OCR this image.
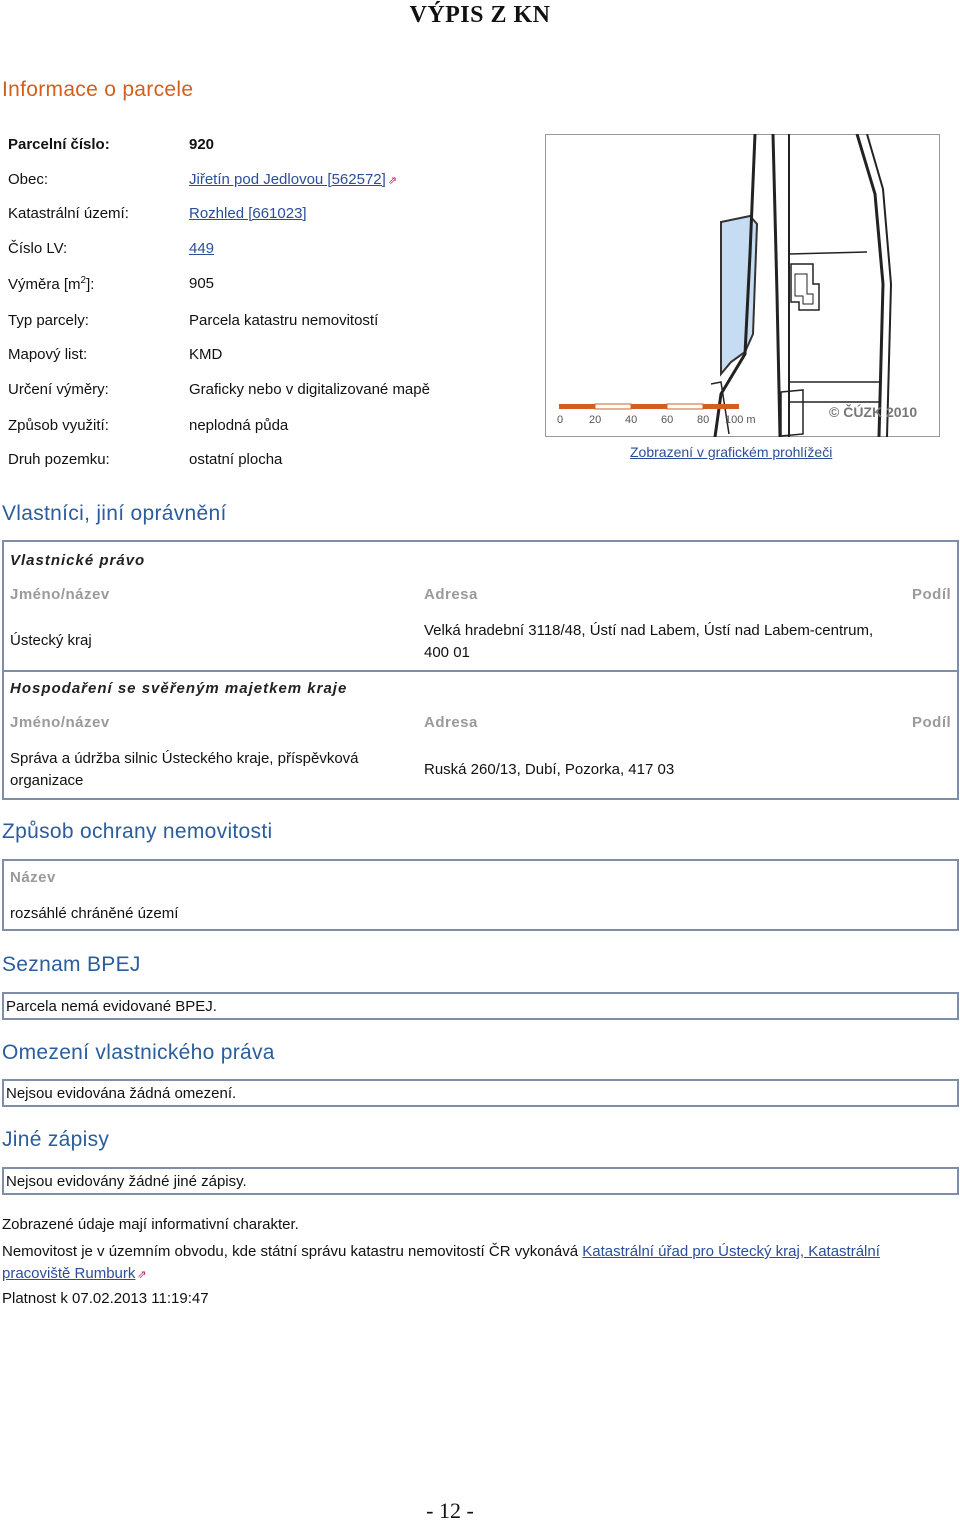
VÝPIS Z KN
Informace o parcele
Parcelní číslo:	920
Obec:	Jiřetín pod Jedlovou [562572] ⇗
Katastrální území:	Rozhled [661023]
Číslo LV:	449
Výměra $[m^2]$:	905
Typ parcely:	Parcela katastru nemovitostí
Mapový list:	KMD
Určení výměry:	Graficky nebo v digitalizované mapě
Způsob využití:	neplodná půda
Druh pozemku:	ostatní plocha
0 20 40 60 80 100 m	© ČÚZK 2010
Zobrazení v grafickém prohlížeči
Vlastníci, jiní oprávnění
Vlastnické právo
Jméno/název	Adresa	Podíl
Ústecký kraj
Velká hradební 3118/48, Ústí nad Labem, Ústí nad Labem-centrum,
400 01
Hospodaření se svěřeným majetkem kraje
Jméno/název	Adresa	Podíl
Správa a údržba silnic Ústeckého kraje, příspěvková
organizace
Ruská 260/13, Dubí, Pozorka, 417 03
Způsob ochrany nemovitosti
Název
rozsáhlé chráněné území
Seznam BPEJ
Parcela nemá evidované BPEJ.
Omezení vlastnického práva
Nejsou evidována žádná omezení.
Jiné zápisy
Nejsou evidovány žádné jiné zápisy.
Zobrazené údaje mají informativní charakter.
Nemovitost je v územním obvodu, kde státní správu katastru nemovitostí ČR vykonává Katastrální úřad pro Ústecký kraj, Katastrální
pracoviště Rumburk ⇗
Platnost k 07.02.2013 11:19:47
- 12 -
